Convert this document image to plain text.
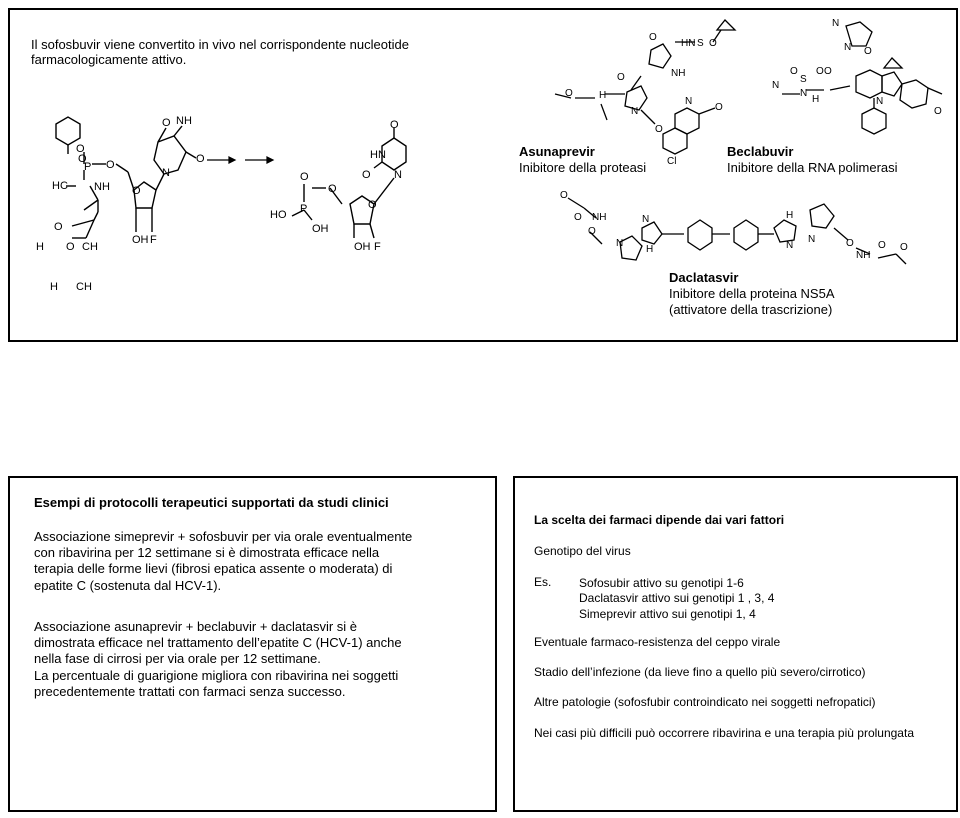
Il sofosbuvir viene convertito in vivo nel corrispondente nucleotide

farmacologicamente attivo.

O
P
O
O
NH
H C
O
O
O
N
O
NH
O
OH F
H	CH
H CH
O
HN
O N
O
P
O
HO
OH
O
OH F
HN S O
NH
O
N
O
H
O
O
N
O
Cl

Asunaprevir

Inibitore della proteasi

N
N O
O
S
O
N
N
H
O
N
O

Beclabuvir

Inibitore della RNA polimerasi

O
O NH
O
N
N
H
H
N
N	O
NH
O O

Daclatasvir

Inibitore della proteina NS5A

(attivatore della trascrizione)

Esempi di protocolli terapeutici supportati da studi clinici

Associazione simeprevir + sofosbuvir per via orale eventualmente
con ribavirina per 12 settimane si è dimostrata efficace nella
terapia delle forme lievi (fibrosi epatica assente o moderata) di
epatite C (sostenuta dal HCV-1).
Associazione asunaprevir + beclabuvir + daclatasvir si è
dimostrata efficace nel trattamento dell’epatite C (HCV-1) anche
nella fase di cirrosi per via orale per 12 settimane.
La percentuale di guarigione migliora con ribavirina nei soggetti
precedentemente trattati con farmaci senza successo.

La scelta dei farmaci dipende dai vari fattori

Genotipo del virus

Es. Sofosubir attivo su genotipi 1-6
Daclatasvir attivo sui genotipi 1 , 3, 4
Simeprevir attivo sui genotipi 1, 4

Eventuale farmaco-resistenza del ceppo virale

Stadio dell’infezione (da lieve fino a quello più severo/cirrotico)

Altre patologie (sofosfubir controindicato nei soggetti nefropatici)

Nei casi più difficili può occorrere ribavirina e una terapia più prolungata
